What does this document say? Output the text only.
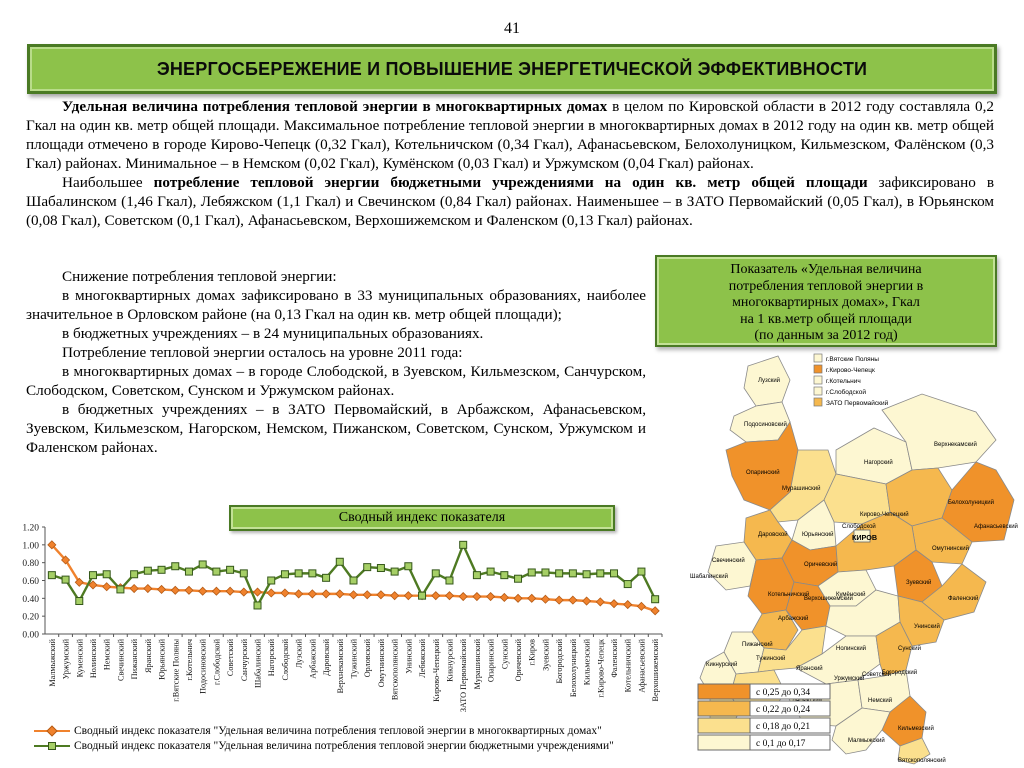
41
ЭНЕРГОСБЕРЕЖЕНИЕ И ПОВЫШЕНИЕ ЭНЕРГЕТИЧЕСКОЙ ЭФФЕКТИВНОСТИ
Удельная величина потребления тепловой энергии в многоквартирных домах в целом по Кировской области в 2012 году составляла 0,2 Гкал на один кв. метр общей площади. Максимальное потребление тепловой энергии в многоквартирных домах в 2012 году на один кв. метр общей площади отмечено в городе Кирово-Чепецк (0,32 Гкал), Котельничском (0,34 Гкал), Афанасьевском, Белохолуницком, Кильмезском, Фалёнском (0,3 Гкал) районах. Минимальное – в Немском (0,02 Гкал), Кумёнском (0,03 Гкал) и Уржумском (0,04 Гкал) районах.
Наибольшее потребление тепловой энергии бюджетными учреждениями на один кв. метр общей площади зафиксировано в Шабалинском (1,46 Гкал), Лебяжском (1,1 Гкал) и Свечинском (0,84 Гкал) районах. Наименьшее – в ЗАТО Первомайский (0,05 Гкал), в Юрьянском (0,08 Гкал), Советском (0,1 Гкал), Афанасьевском, Верхошижемском и Фаленском (0,13 Гкал) районах.
Снижение потребления тепловой энергии:
в многоквартирных домах зафиксировано в 33 муниципальных образованиях, наиболее значительное в Орловском районе (на 0,13 Гкал на один кв. метр общей площади);
в бюджетных учреждениях – в 24 муниципальных образованиях.
Потребление тепловой энергии осталось на уровне 2011 года:
в многоквартирных домах – в городе Слободской, в Зуевском, Кильмезском, Санчурском, Слободском, Советском, Сунском и Уржумском районах.
в бюджетных учреждениях – в ЗАТО Первомайский, в Арбажском, Афанасьевском, Зуевском, Кильмезском, Нагорском, Немском, Пижанском, Советском, Сунском, Уржумском и Фаленском районах.
Показатель «Удельная величина
потребления тепловой энергии в
многоквартирных домах», Гкал
на 1 кв.метр общей площади
(по данным за 2012 год)
Сводный индекс показателя
1.20
1.00
0.80
0.60
0.40
0.20
0.00
Малмыжский Уржумский Куменский Нолинский Немский Свечинский Пижанский Яранский Юрьянский г.Вятские Поляны г.Котельнич Подосиновский г.Слободской Советский Санчурский Шабалинский Нагорский Слободской Лузский Арбажский Даровской Верхнекамский Тужинский Орловский Омутнинский Вятскополянский Унинский Лебяжский Кирово-Чепецкий Кикнурский ЗАТО Первомайский Мурашинский Опаринский Сунский Оричевский г.Киров Зуевский Богородский Белохолуницкий Кильмезский г.Кирово-Чепецк Фаленский Котельничский Афанасьевский Верхошижемский
Сводный индекс показателя "Удельная величина потребления тепловой энергии в многоквартирных домах"
Сводный индекс показателя "Удельная величина потребления тепловой энергии бюджетными учреждениями"
Лузский
Подосиновский
Опаринский
Мурашинский
Нагорский
Верхнекамский
Белохолуницкий
Афанасьевский
Омутнинский
Слободской
Юрьянский
Даровской
Свечинский
Шабалинский
Котельничский
Оричевский
Зуевский
Арбажский
Верхошижемский
Кумёнский
Фаленский
Унинский
Пижанский
Тужинский
Яранский
Кикнурский
Немский
Уржумский
Нолинский	Сунский
Богородский
Советский
Кильмезский
Малмыжский
Вятскополянский
КИРОВ
Кирово-Чепецкий
г.Вятские Поляны
г.Кирово-Чепецк
г.Котельнич
г.Слободской
ЗАТО Первомайский
с 0,25 до 0,34
с 0,22 до 0,24
с 0,18 до 0,21
с 0,1 до 0,17
